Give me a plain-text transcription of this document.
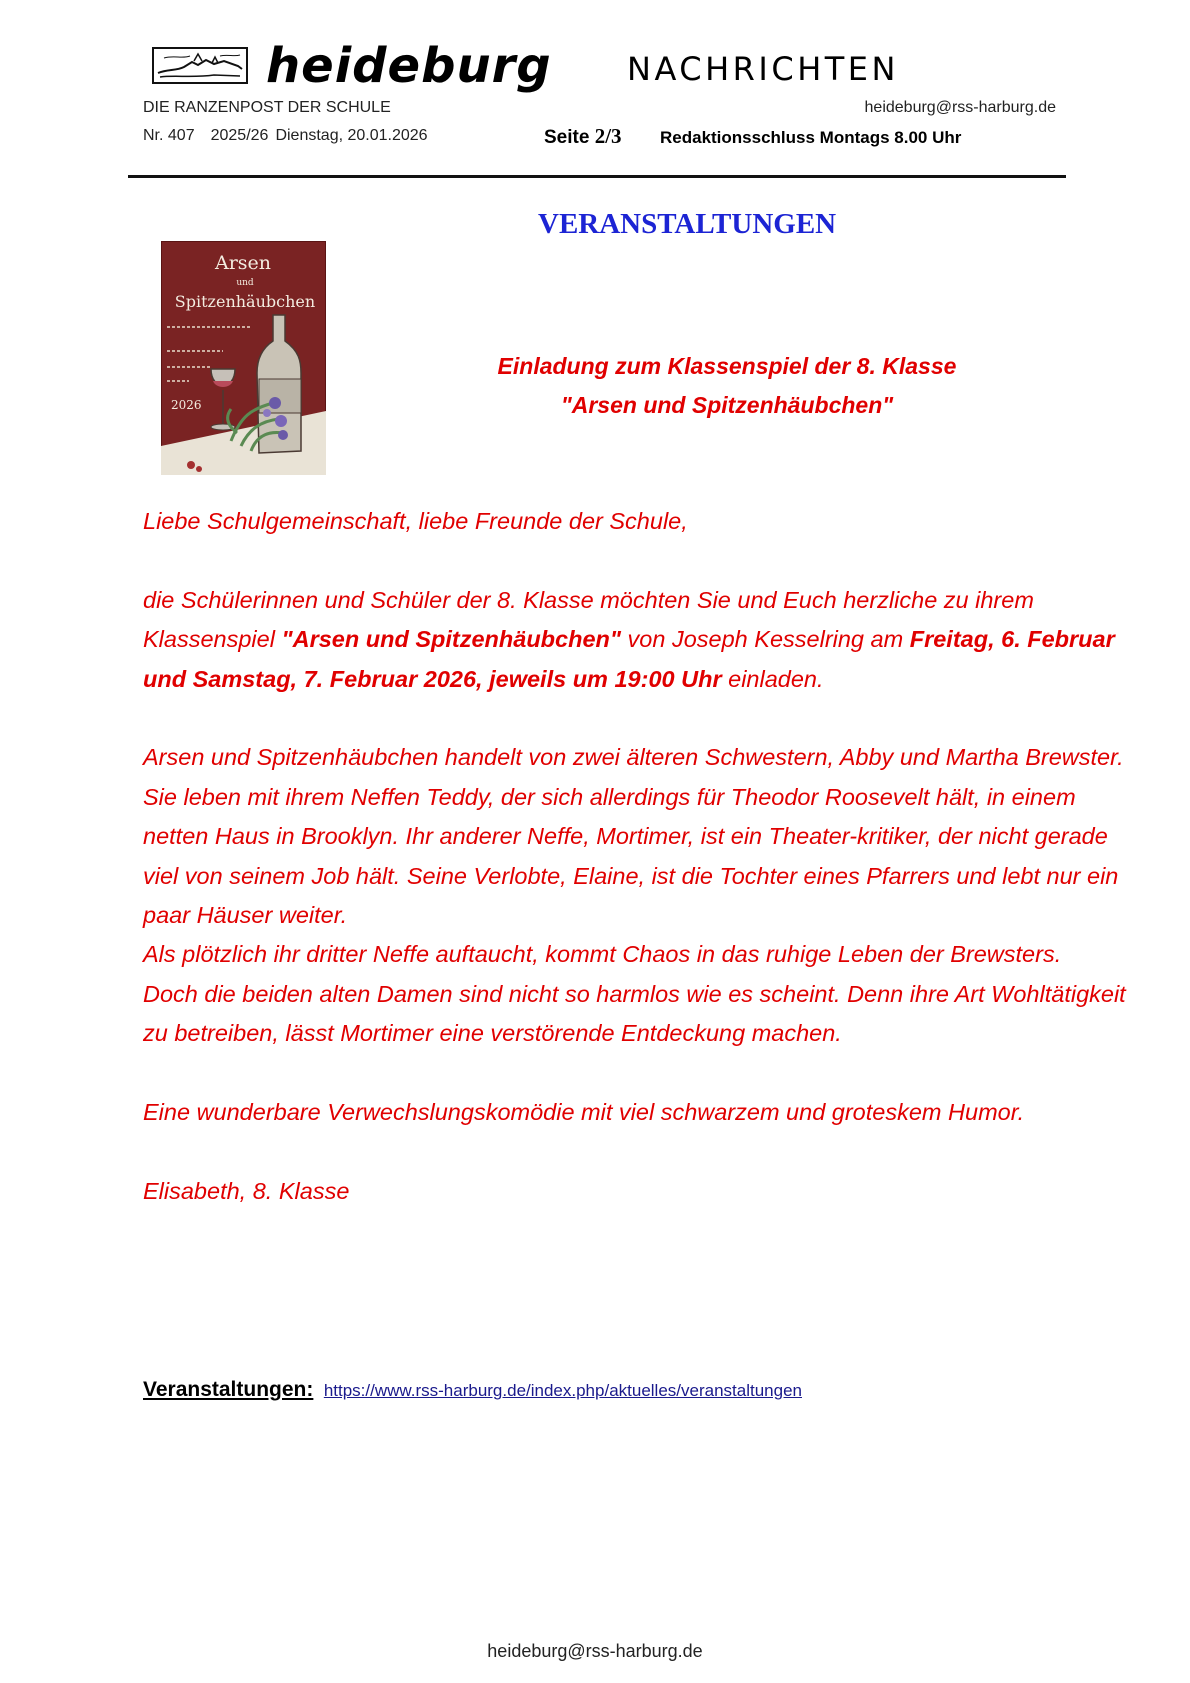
heideburg NACHRICHTEN
DIE RANZENPOST DER SCHULE	heideburg@rss-harburg.de
Nr. 407 2025/26 Dienstag, 20.01.2026	Seite 2/3 Redaktionsschluss Montags 8.00 Uhr
VERANSTALTUNGEN
Arsen
und
Spitzenhäubchen
2026
Einladung zum Klassenspiel der 8. Klasse
"Arsen und Spitzenhäubchen"

Liebe Schulgemeinschaft, liebe Freunde der Schule,

die Schülerinnen und Schüler der 8. Klasse möchten Sie und Euch herzliche zu ihrem Klassenspiel "Arsen und Spitzenhäubchen" von Joseph Kesselring am Freitag, 6. Februar und Samstag, 7. Februar 2026, jeweils um 19:00 Uhr einladen.

Arsen und Spitzenhäubchen handelt von zwei älteren Schwestern, Abby und Martha Brewster. Sie leben mit ihrem Neffen Teddy, der sich allerdings für Theodor Roosevelt hält, in einem netten Haus in Brooklyn. Ihr anderer Neffe, Mortimer, ist ein Theater-kritiker, der nicht gerade viel von seinem Job hält. Seine Verlobte, Elaine, ist die Tochter eines Pfarrers und lebt nur ein paar Häuser weiter.

Als plötzlich ihr dritter Neffe auftaucht, kommt Chaos in das ruhige Leben der Brewsters.

Doch die beiden alten Damen sind nicht so harmlos wie es scheint. Denn ihre Art Wohltätigkeit zu betreiben, lässt Mortimer eine verstörende Entdeckung machen.

Eine wunderbare Verwechslungskomödie mit viel schwarzem und groteskem Humor.

Elisabeth, 8. Klasse

Veranstaltungen: https://www.rss-harburg.de/index.php/aktuelles/veranstaltungen
heideburg@rss-harburg.de
